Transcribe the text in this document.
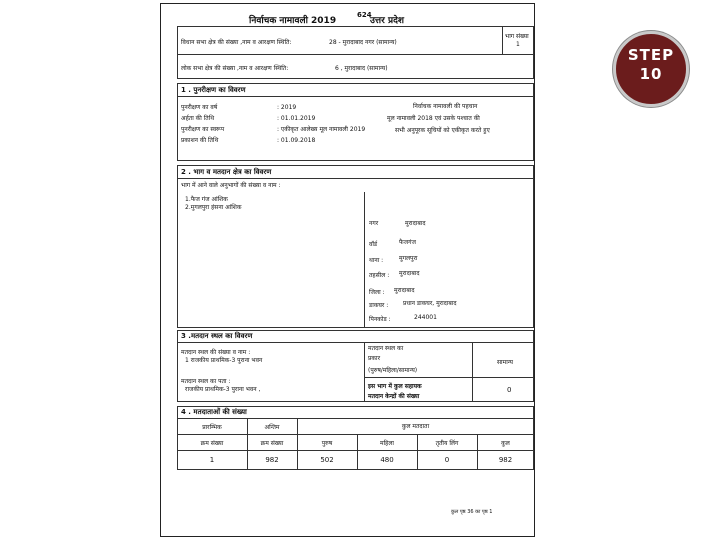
निर्वाचक नामावली 2019
624
उत्तर प्रदेश
विधान सभा क्षेत्र की संख्या ,नाम व आरक्षण स्थिति:	28 - मुरादाबाद नगर (सामान्य)
भाग संख्या
1
लोक सभा क्षेत्र की संख्या ,नाम व आरक्षण स्थिति:	6 , मुरादाबाद (सामान्य)
1 . पुनरीक्षण का विवरण
पुनरीक्षण का वर्ष	: 2019
अर्हता की तिथि	: 01.01.2019
पुनरीक्षण का स्वरूप	: एकीकृत आलेख्य मूल नामावली 2019
प्रकाशन की तिथि	: 01.09.2018
निर्वाचक नामावली की पहचान
मूल नामावली 2018 एवं उसके पश्चात की
सभी अनुपूरक सूचियों को एकीकृत करते हुए
2 . भाग व मतदान क्षेत्र का विवरण
भाग में आने वाले अनुभागों की संख्या व नाम :
1.फैज गंज आंशिक
2.मुगलपुरा हंसना आंशिक
नगर	मुरादाबाद
वॉर्ड	फैजगंज
थाना :	मुगलपुरा
तहसील : मुरादाबाद
जिला : मुरादाबाद
डाकघर : प्रधान डाकघर, मुरादाबाद
पिनकोड :	244001
3 .मतदान स्थल का विवरण
मतदान स्थल की संख्या व नाम :
1 राजकीय प्राथमिक-3 पुराना भवन
मतदान स्थल का पता :
राजकीय प्राथमिक-3 पुराना भवन ,
मतदान स्थल का
प्रकार
(पुरुष/महिला/सामान्य)
सामान्य
इस भाग में कुल सहायक
मतदान केन्द्रों की संख्या
0
4 . मतदाताओं की संख्या
प्रारम्भिक	अन्तिम	कुल मतदाता
क्रम संख्या	क्रम संख्या	पुरुष	महिला	तृतीय लिंग	कुल
1	982	502	480	0	982
कुल पृष्ठ 36 का पृष्ठ 1
STEP
10
